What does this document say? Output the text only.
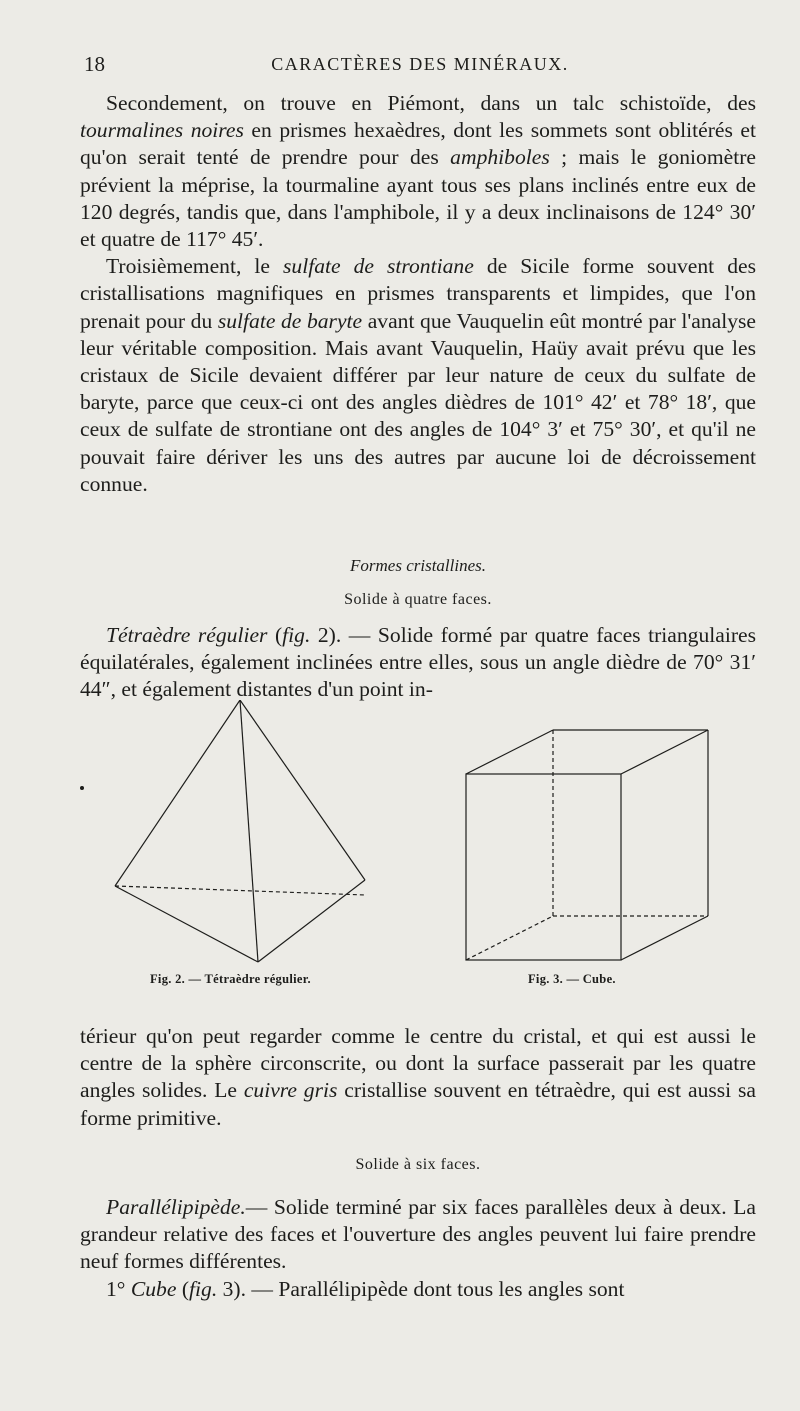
18	CARACTÈRES DES MINÉRAUX.

Secondement, on trouve en Piémont, dans un talc schistoïde, des tourmalines noires en prismes hexaèdres, dont les sommets sont oblitérés et qu'on serait tenté de prendre pour des amphiboles ; mais le goniomètre prévient la méprise, la tourmaline ayant tous ses plans inclinés entre eux de 120 degrés, tandis que, dans l'amphibole, il y a deux inclinaisons de 124° 30′ et quatre de 117° 45′.

Troisièmement, le sulfate de strontiane de Sicile forme souvent des cristallisations magnifiques en prismes transparents et limpides, que l'on prenait pour du sulfate de baryte avant que Vauquelin eût montré par l'analyse leur véritable composition. Mais avant Vauquelin, Haüy avait prévu que les cristaux de Sicile devaient différer par leur nature de ceux du sulfate de baryte, parce que ceux-ci ont des angles dièdres de 101° 42′ et 78° 18′, que ceux de sulfate de strontiane ont des angles de 104° 3′ et 75° 30′, et qu'il ne pouvait faire dériver les uns des autres par aucune loi de décroissement connue.

Formes cristallines.
Solide à quatre faces.

Tétraèdre régulier (fig. 2). — Solide formé par quatre faces triangulaires équilatérales, également inclinées entre elles, sous un angle dièdre de 70° 31′ 44″, et également distantes d'un point in-

Fig. 2. — Tétraèdre régulier.	Fig. 3. — Cube.

térieur qu'on peut regarder comme le centre du cristal, et qui est aussi le centre de la sphère circonscrite, ou dont la surface passerait par les quatre angles solides. Le cuivre gris cristallise souvent en tétraèdre, qui est aussi sa forme primitive.

Solide à six faces.

Parallélipipède.— Solide terminé par six faces parallèles deux à deux. La grandeur relative des faces et l'ouverture des angles peuvent lui faire prendre neuf formes différentes.

1° Cube (fig. 3). — Parallélipipède dont tous les angles sont
